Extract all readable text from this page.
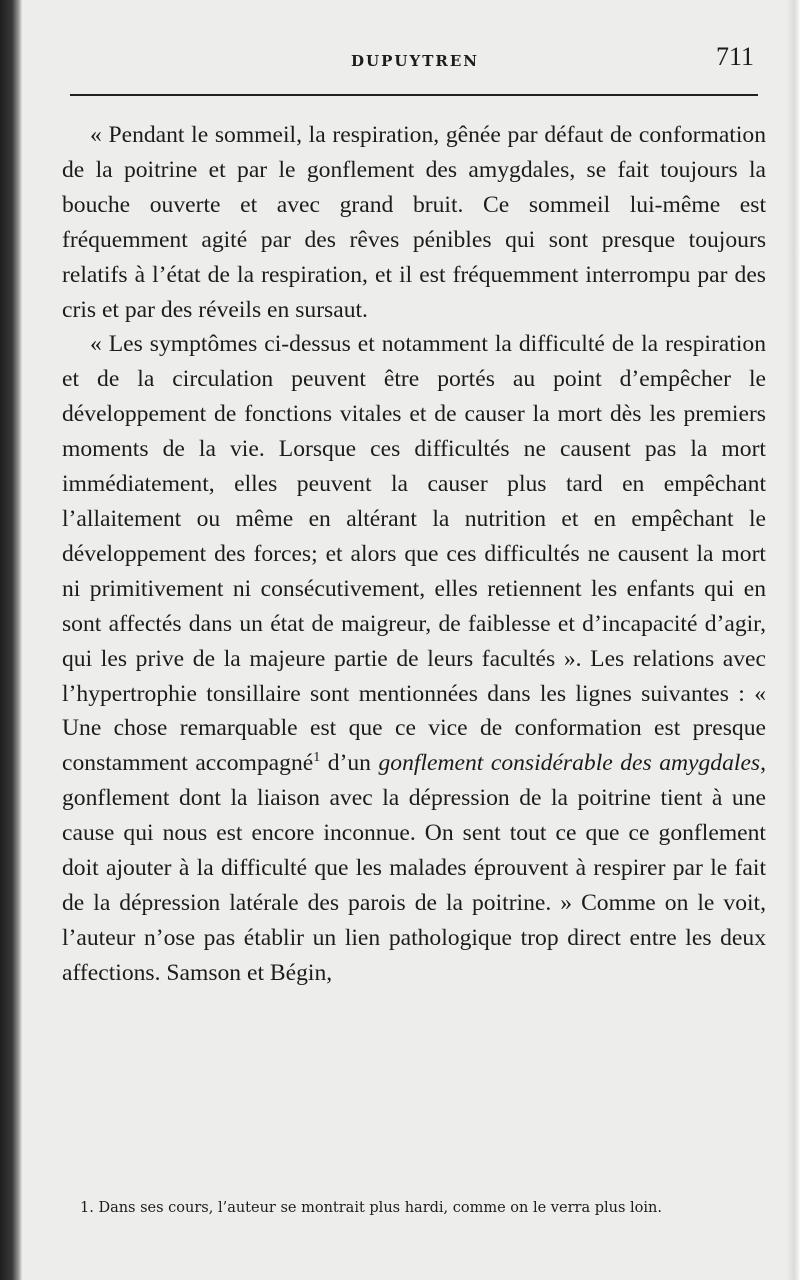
DUPUYTREN	711

« Pendant le sommeil, la respiration, gênée par défaut de conformation de la poitrine et par le gonflement des amygdales, se fait toujours la bouche ouverte et avec grand bruit. Ce sommeil lui-même est fréquemment agité par des rêves pénibles qui sont presque toujours relatifs à l’état de la respiration, et il est fréquemment interrompu par des cris et par des réveils en sursaut.

« Les symptômes ci-dessus et notamment la difficulté de la respiration et de la circulation peuvent être portés au point d’empêcher le développement de fonctions vitales et de causer la mort dès les premiers moments de la vie. Lorsque ces difficultés ne causent pas la mort immédiatement, elles peuvent la causer plus tard en empêchant l’allaitement ou même en altérant la nutrition et en empêchant le développement des forces; et alors que ces difficultés ne causent la mort ni primitivement ni consécutivement, elles retiennent les enfants qui en sont affectés dans un état de maigreur, de faiblesse et d’incapacité d’agir, qui les prive de la majeure partie de leurs facultés ». Les relations avec l’hypertrophie tonsillaire sont mentionnées dans les lignes suivantes : « Une chose remarquable est que ce vice de conformation est presque constamment accompagné$^1$ d’un gonflement considérable des amygdales, gonflement dont la liaison avec la dépression de la poitrine tient à une cause qui nous est encore inconnue. On sent tout ce que ce gonflement doit ajouter à la difficulté que les malades éprouvent à respirer par le fait de la dépression latérale des parois de la poitrine. » Comme on le voit, l’auteur n’ose pas établir un lien pathologique trop direct entre les deux affections. Samson et Bégin,

1. Dans ses cours, l’auteur se montrait plus hardi, comme on le verra plus loin.
